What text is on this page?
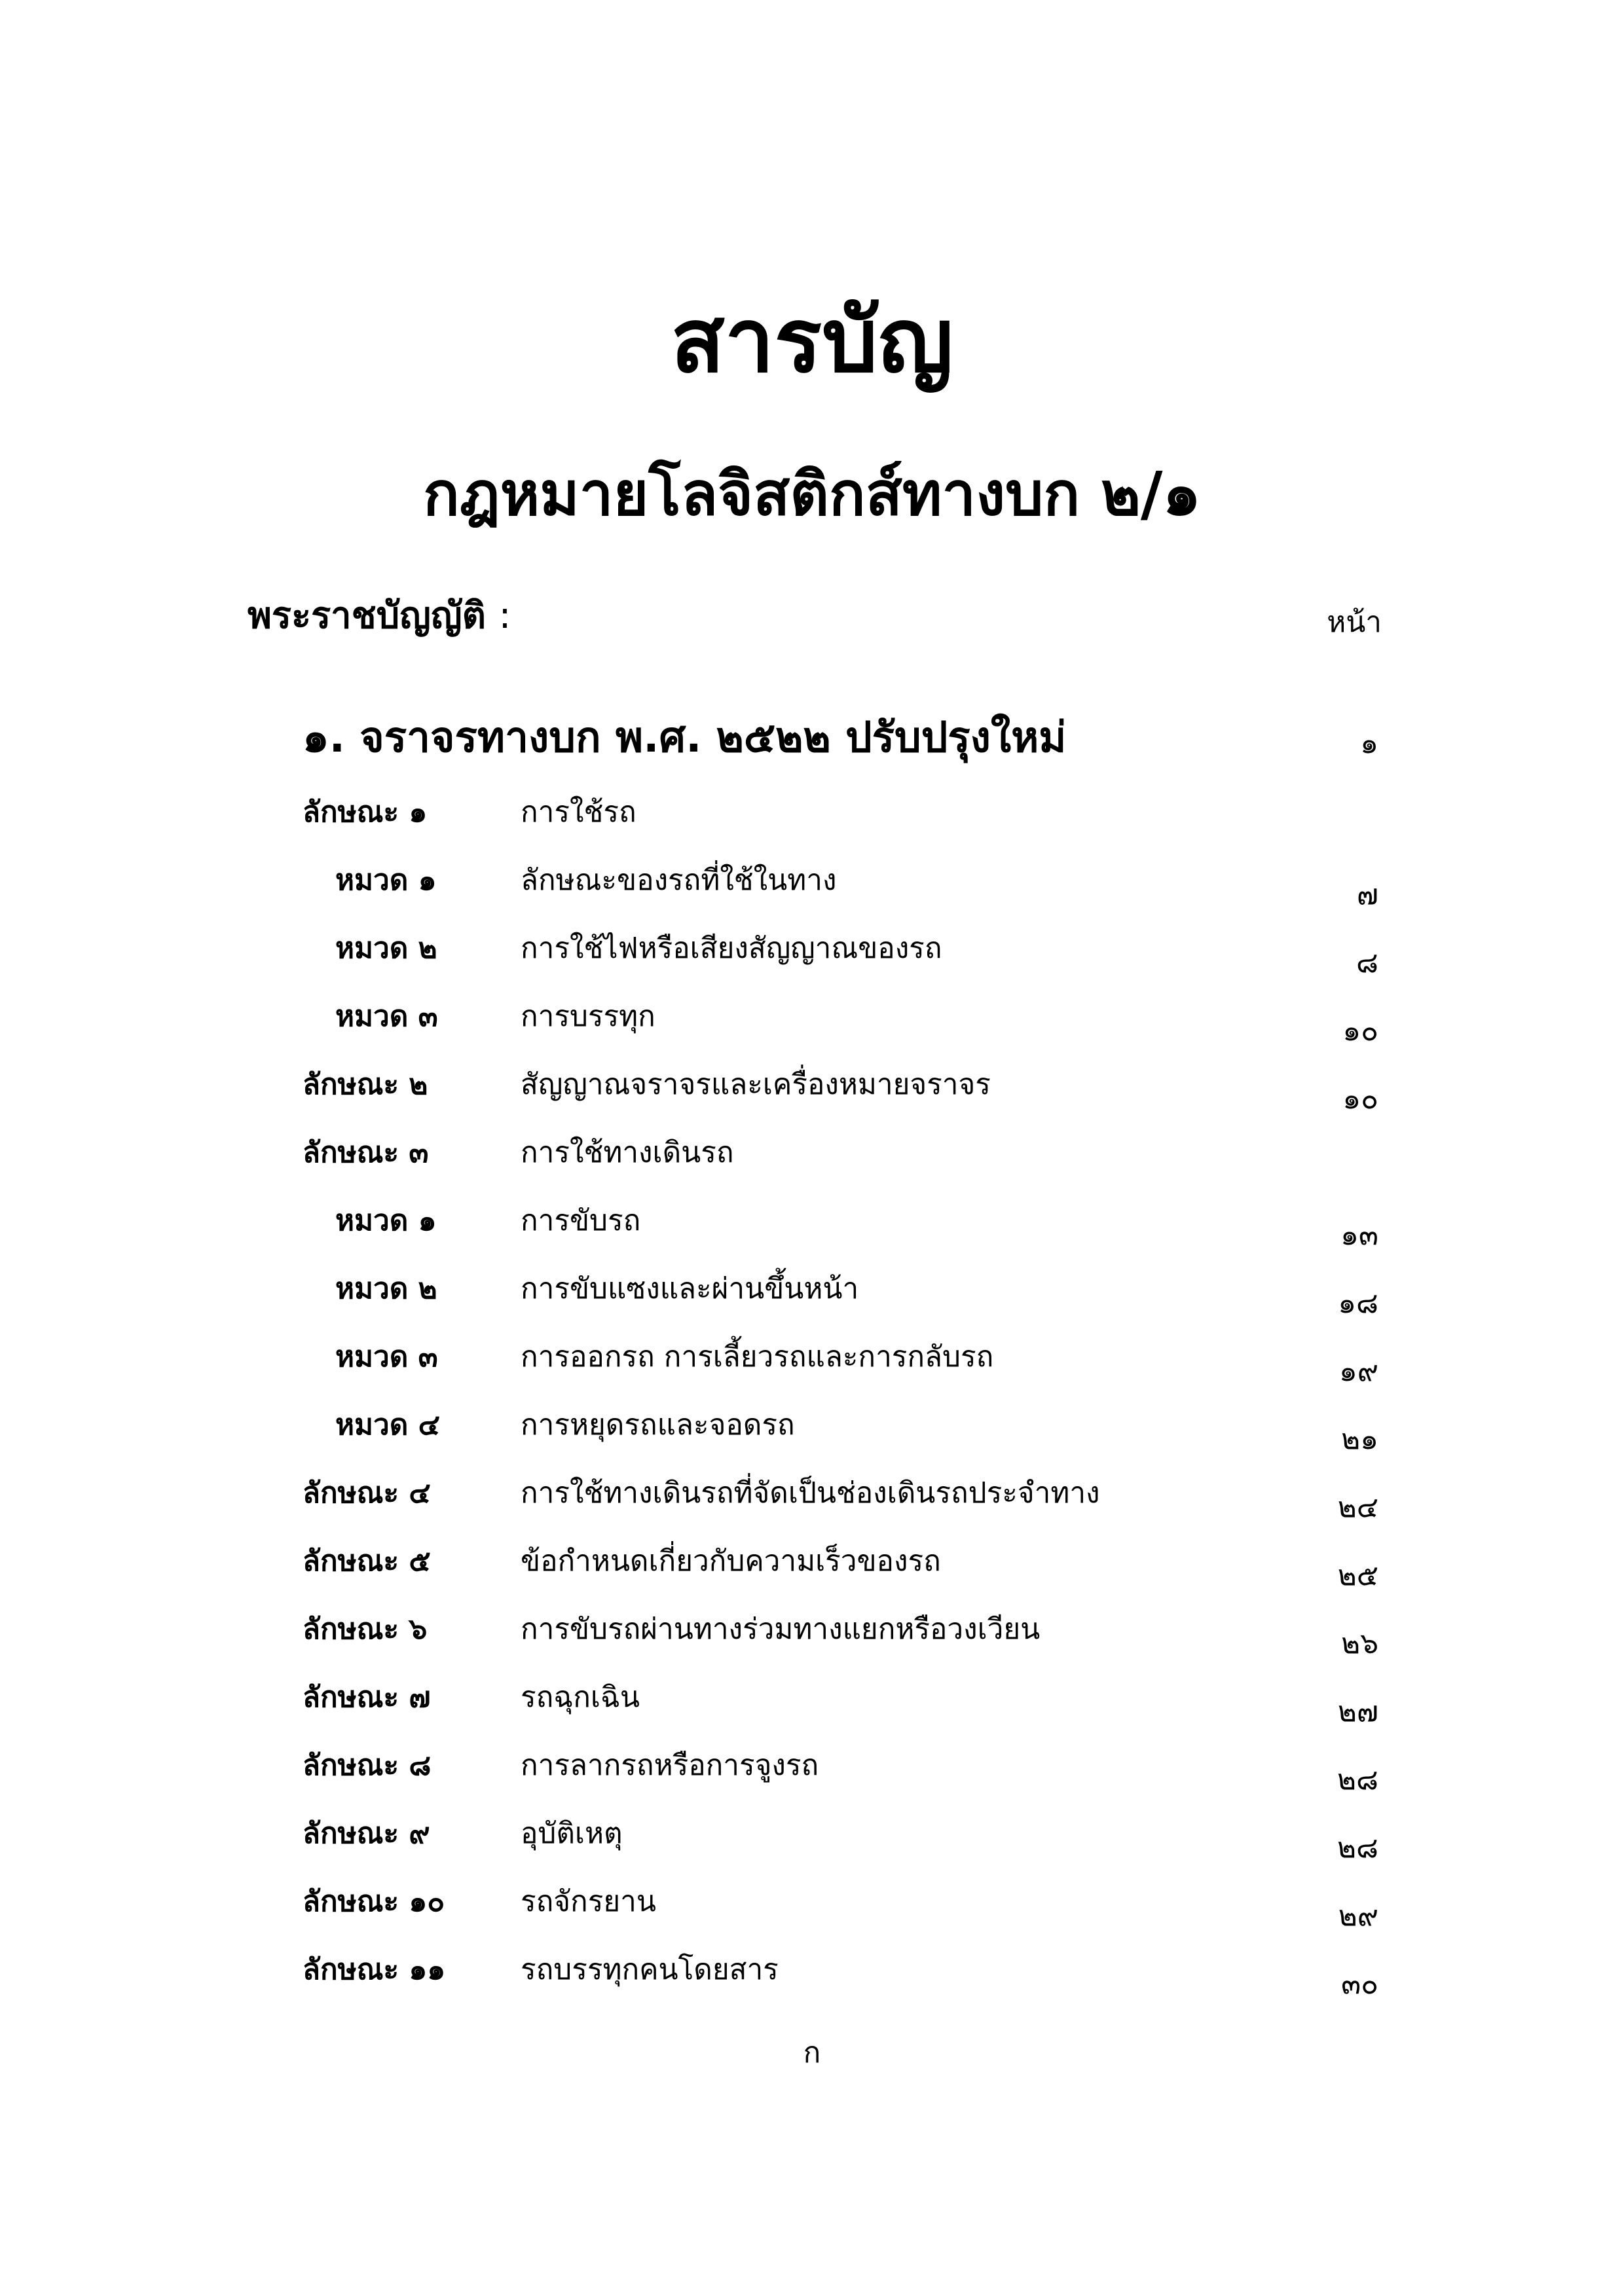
สารบัญ
กฎหมายโลจิสติกส์ทางบก ๒/๑
พระราชบัญญัติ :	หน้า
๑. จราจรทางบก พ.ศ. ๒๕๒๒ ปรับปรุงใหม่	๑
ลักษณะ ๑	การใช้รถ
หมวด ๑	ลักษณะของรถที่ใช้ในทาง	๗
หมวด ๒	การใช้ไฟหรือเสียงสัญญาณของรถ	๘
หมวด ๓	การบรรทุก	๑๐
ลักษณะ ๒	สัญญาณจราจรและเครื่องหมายจราจร	๑๐
ลักษณะ ๓	การใช้ทางเดินรถ
หมวด ๑	การขับรถ	๑๓
หมวด ๒	การขับแซงและผ่านขึ้นหน้า	๑๘
หมวด ๓	การออกรถ การเลี้ยวรถและการกลับรถ	๑๙
หมวด ๔	การหยุดรถและจอดรถ	๒๑
ลักษณะ ๔	การใช้ทางเดินรถที่จัดเป็นช่องเดินรถประจำทาง	๒๔
ลักษณะ ๕	ข้อกำหนดเกี่ยวกับความเร็วของรถ	๒๕
ลักษณะ ๖	การขับรถผ่านทางร่วมทางแยกหรือวงเวียน	๒๖
ลักษณะ ๗	รถฉุกเฉิน	๒๗
ลักษณะ ๘	การลากรถหรือการจูงรถ	๒๘
ลักษณะ ๙	อุบัติเหตุ	๒๘
ลักษณะ ๑๐	รถจักรยาน	๒๙
ลักษณะ ๑๑	รถบรรทุกคนโดยสาร	๓๐
ก
